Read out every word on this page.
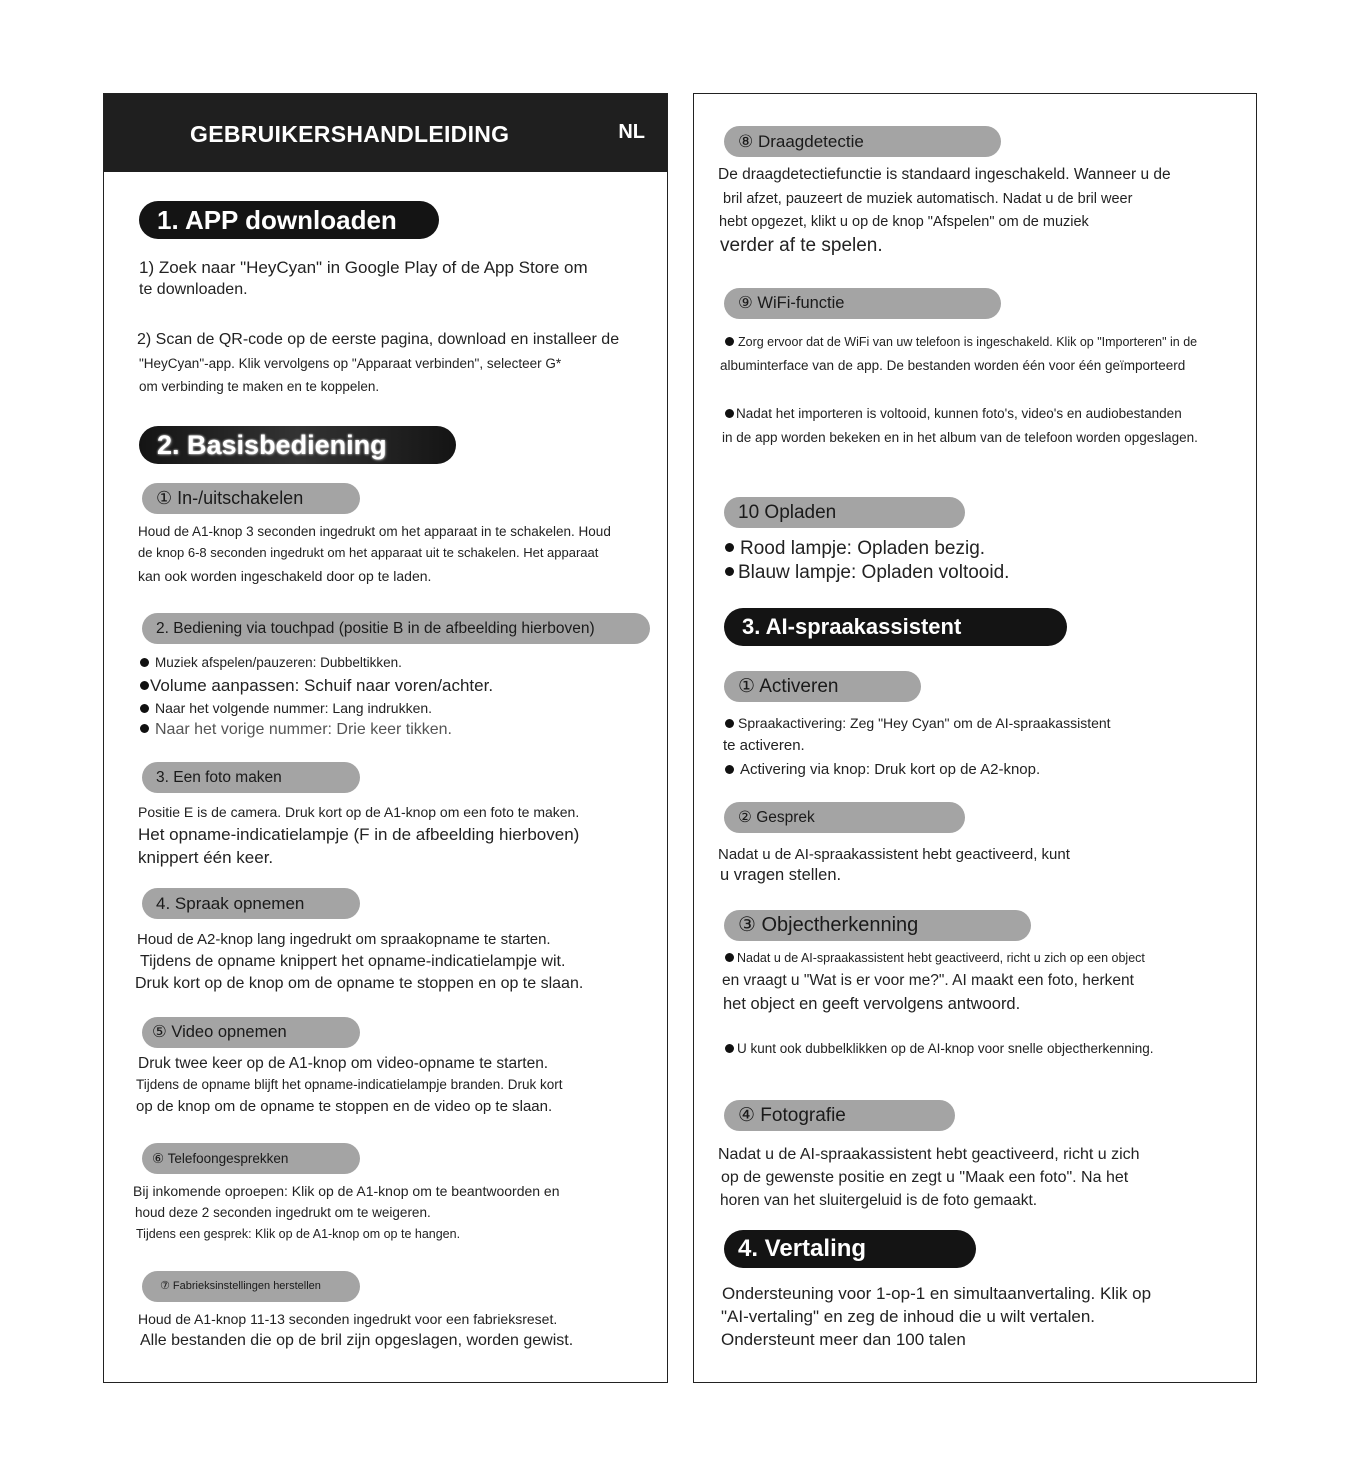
GEBRUIKERSHANDLEIDING	NL
1. APP downloaden
1) Zoek naar "HeyCyan" in Google Play of de App Store om
te downloaden.
2) Scan de QR-code op de eerste pagina, download en installeer de
"HeyCyan"-app. Klik vervolgens op "Apparaat verbinden", selecteer G*
om verbinding te maken en te koppelen.
2. Basisbediening
① In-/uitschakelen
Houd de A1-knop 3 seconden ingedrukt om het apparaat in te schakelen. Houd
de knop 6-8 seconden ingedrukt om het apparaat uit te schakelen. Het apparaat
kan ook worden ingeschakeld door op te laden.
2. Bediening via touchpad (positie B in de afbeelding hierboven)
Muziek afspelen/pauzeren: Dubbeltikken.
Volume aanpassen: Schuif naar voren/achter.
Naar het volgende nummer: Lang indrukken.
Naar het vorige nummer: Drie keer tikken.
3. Een foto maken
Positie E is de camera. Druk kort op de A1-knop om een foto te maken.
Het opname-indicatielampje (F in de afbeelding hierboven)
knippert één keer.
4. Spraak opnemen
Houd de A2-knop lang ingedrukt om spraakopname te starten.
Tijdens de opname knippert het opname-indicatielampje wit.
Druk kort op de knop om de opname te stoppen en op te slaan.
⑤ Video opnemen
Druk twee keer op de A1-knop om video-opname te starten.
Tijdens de opname blijft het opname-indicatielampje branden. Druk kort
op de knop om de opname te stoppen en de video op te slaan.
⑥ Telefoongesprekken
Bij inkomende oproepen: Klik op de A1-knop om te beantwoorden en
houd deze 2 seconden ingedrukt om te weigeren.
Tijdens een gesprek: Klik op de A1-knop om op te hangen.
⑦ Fabrieksinstellingen herstellen
Houd de A1-knop 11-13 seconden ingedrukt voor een fabrieksreset.
Alle bestanden die op de bril zijn opgeslagen, worden gewist.
⑧ Draagdetectie
De draagdetectiefunctie is standaard ingeschakeld. Wanneer u de
bril afzet, pauzeert de muziek automatisch. Nadat u de bril weer
hebt opgezet, klikt u op de knop "Afspelen" om de muziek
verder af te spelen.
⑨ WiFi-functie
Zorg ervoor dat de WiFi van uw telefoon is ingeschakeld. Klik op "Importeren" in de
albuminterface van de app. De bestanden worden één voor één geïmporteerd
Nadat het importeren is voltooid, kunnen foto's, video's en audiobestanden
in de app worden bekeken en in het album van de telefoon worden opgeslagen.
10 Opladen
Rood lampje: Opladen bezig.
Blauw lampje: Opladen voltooid.
3. AI-spraakassistent
① Activeren
Spraakactivering: Zeg "Hey Cyan" om de AI-spraakassistent
te activeren.
Activering via knop: Druk kort op de A2-knop.
② Gesprek
Nadat u de AI-spraakassistent hebt geactiveerd, kunt
u vragen stellen.
③ Objectherkenning
Nadat u de AI-spraakassistent hebt geactiveerd, richt u zich op een object
en vraagt u "Wat is er voor me?". AI maakt een foto, herkent
het object en geeft vervolgens antwoord.
U kunt ook dubbelklikken op de AI-knop voor snelle objectherkenning.
④ Fotografie
Nadat u de AI-spraakassistent hebt geactiveerd, richt u zich
op de gewenste positie en zegt u "Maak een foto". Na het
horen van het sluitergeluid is de foto gemaakt.
4. Vertaling
Ondersteuning voor 1-op-1 en simultaanvertaling. Klik op
"AI-vertaling" en zeg de inhoud die u wilt vertalen.
Ondersteunt meer dan 100 talen
